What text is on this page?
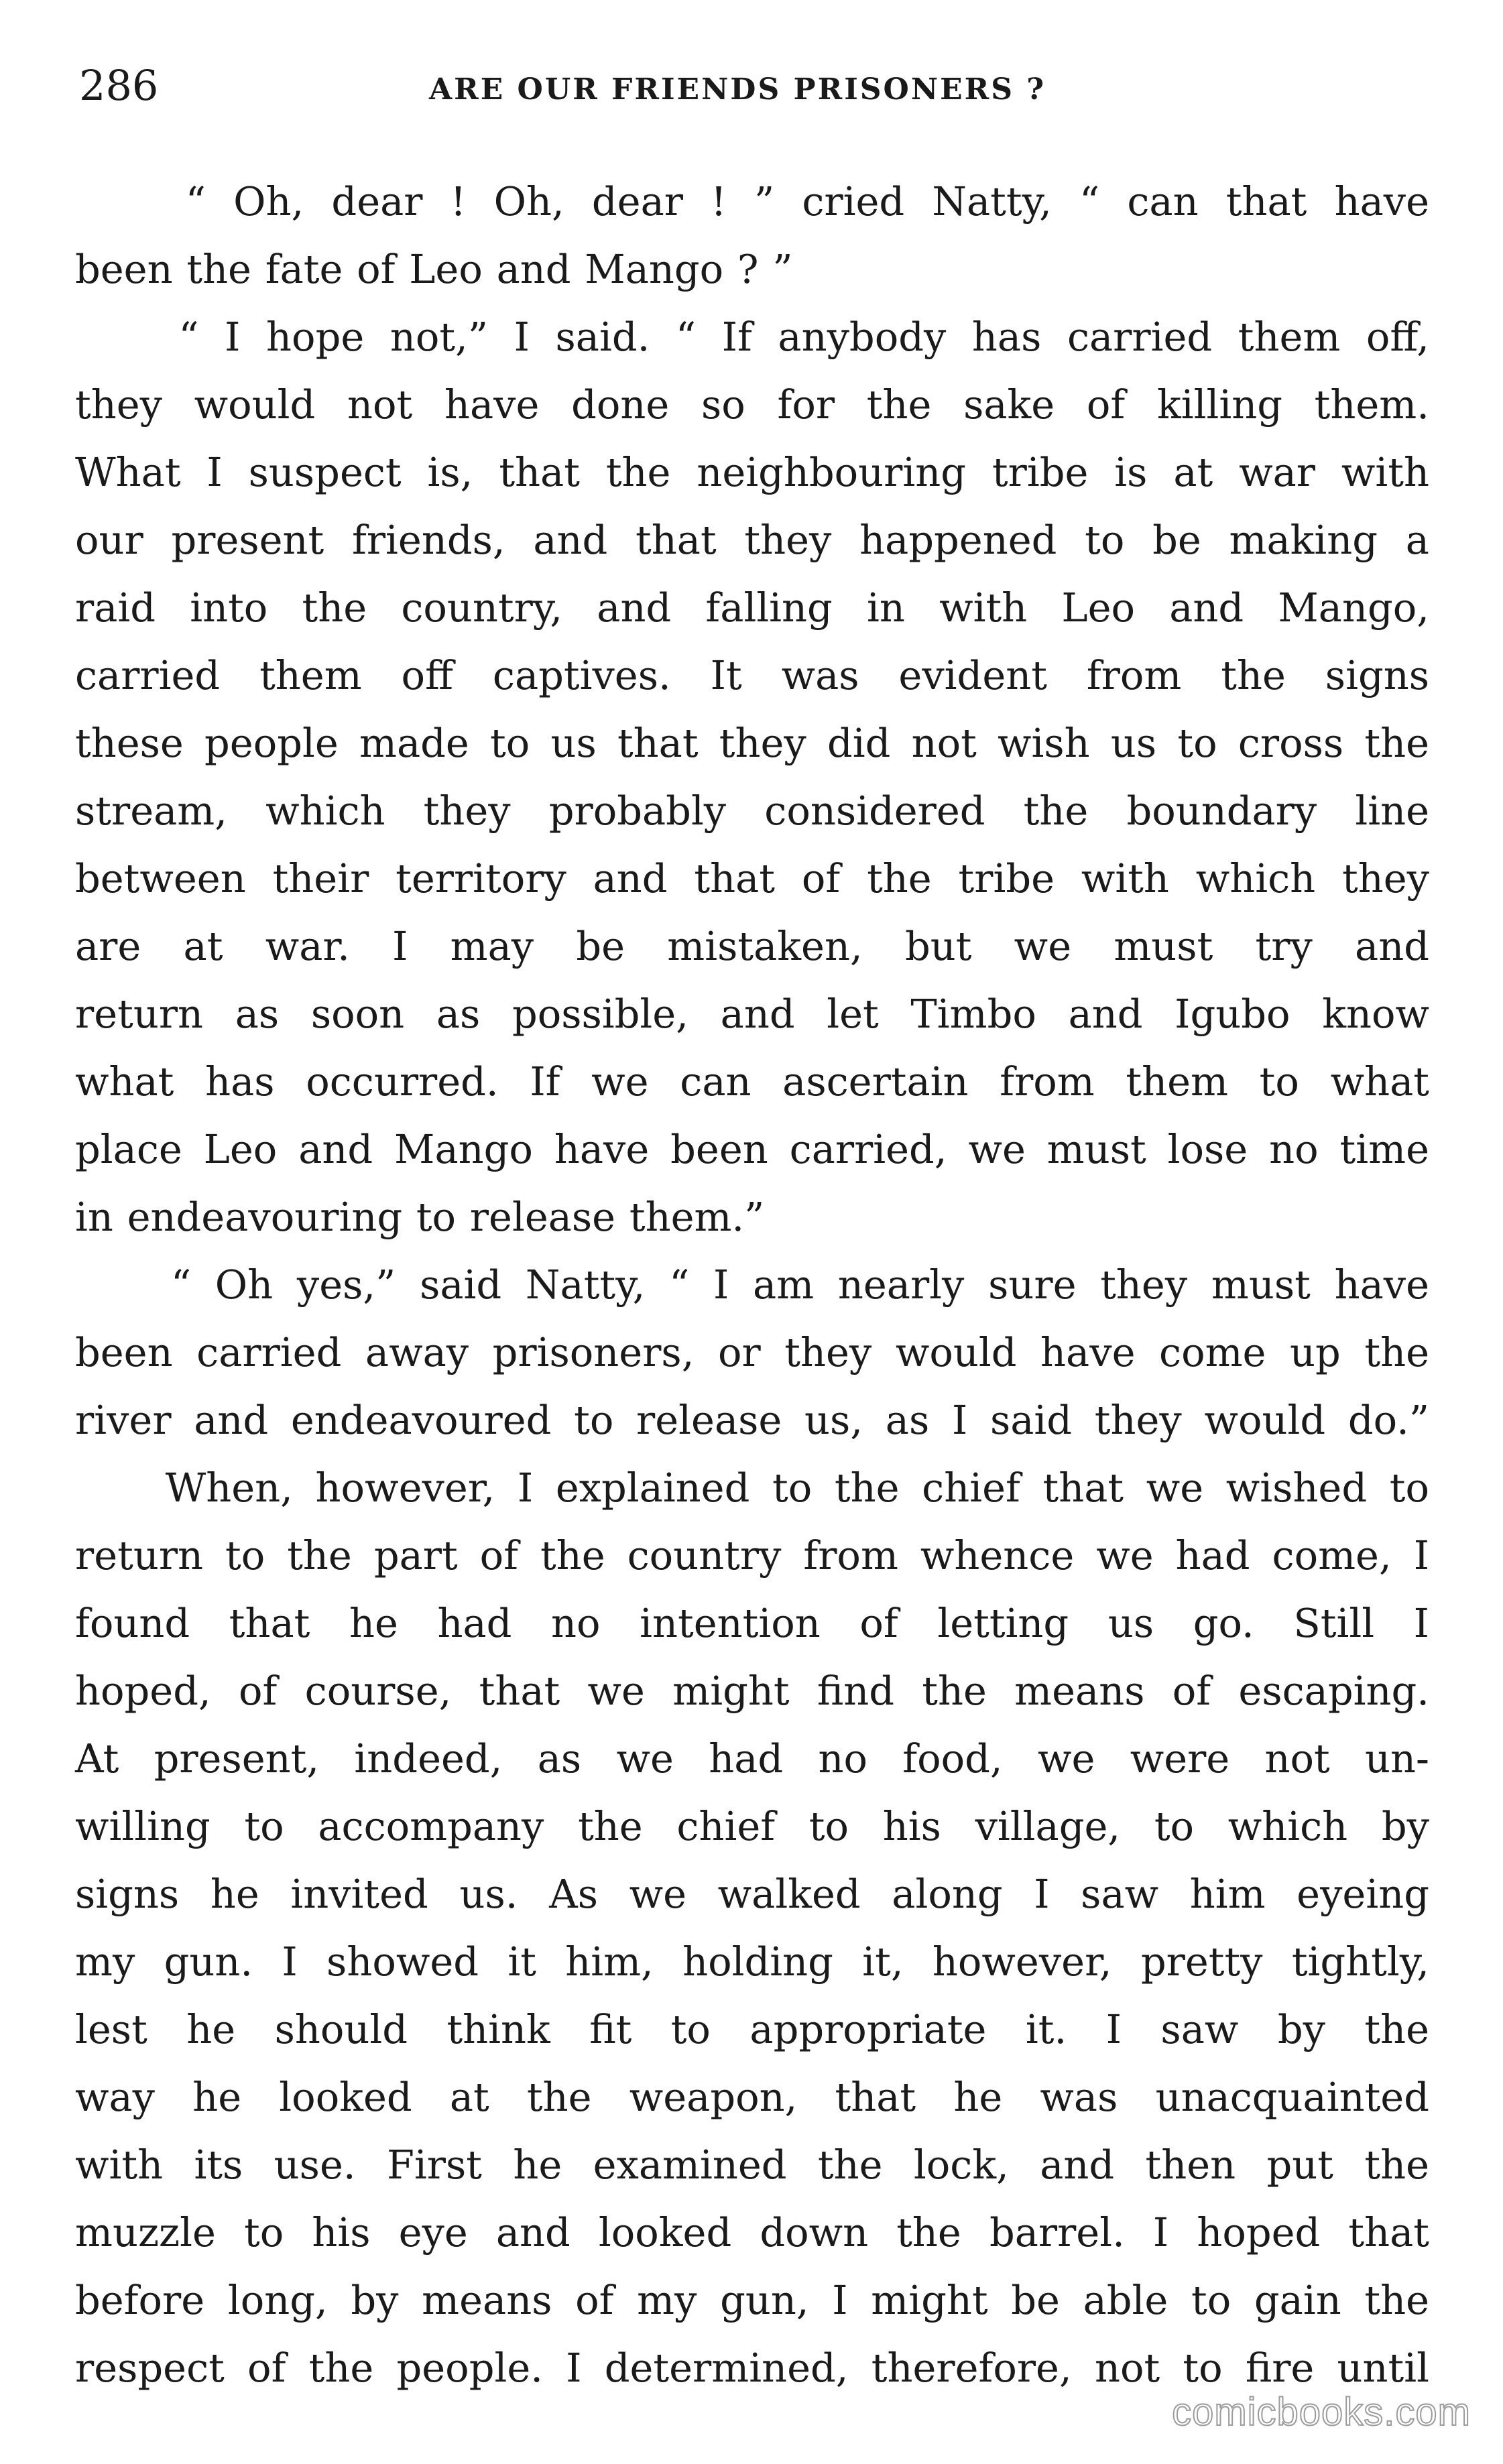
286	ARE OUR FRIENDS PRISONERS ?
“ Oh, dear ! Oh, dear ! ” cried Natty, “ can that have
been the fate of Leo and Mango ? ”
“ I hope not,” I said. “ If anybody has carried them off,
they would not have done so for the sake of killing them.
What I suspect is, that the neighbouring tribe is at war with
our present friends, and that they happened to be making a
raid into the country, and falling in with Leo and Mango,
carried them off captives. It was evident from the signs
these people made to us that they did not wish us to cross the
stream, which they probably considered the boundary line
between their territory and that of the tribe with which they
are at war. I may be mistaken, but we must try and
return as soon as possible, and let Timbo and Igubo know
what has occurred. If we can ascertain from them to what
place Leo and Mango have been carried, we must lose no time
in endeavouring to release them.”
“ Oh yes,” said Natty, “ I am nearly sure they must have
been carried away prisoners, or they would have come up the
river and endeavoured to release us, as I said they would do.”
When, however, I explained to the chief that we wished to
return to the part of the country from whence we had come, I
found that he had no intention of letting us go. Still I
hoped, of course, that we might find the means of escaping.
At present, indeed, as we had no food, we were not un-
willing to accompany the chief to his village, to which by
signs he invited us. As we walked along I saw him eyeing
my gun. I showed it him, holding it, however, pretty tightly,
lest he should think fit to appropriate it. I saw by the
way he looked at the weapon, that he was unacquainted
with its use. First he examined the lock, and then put the
muzzle to his eye and looked down the barrel. I hoped that
before long, by means of my gun, I might be able to gain the
respect of the people. I determined, therefore, not to fire until
comicbooks.com
